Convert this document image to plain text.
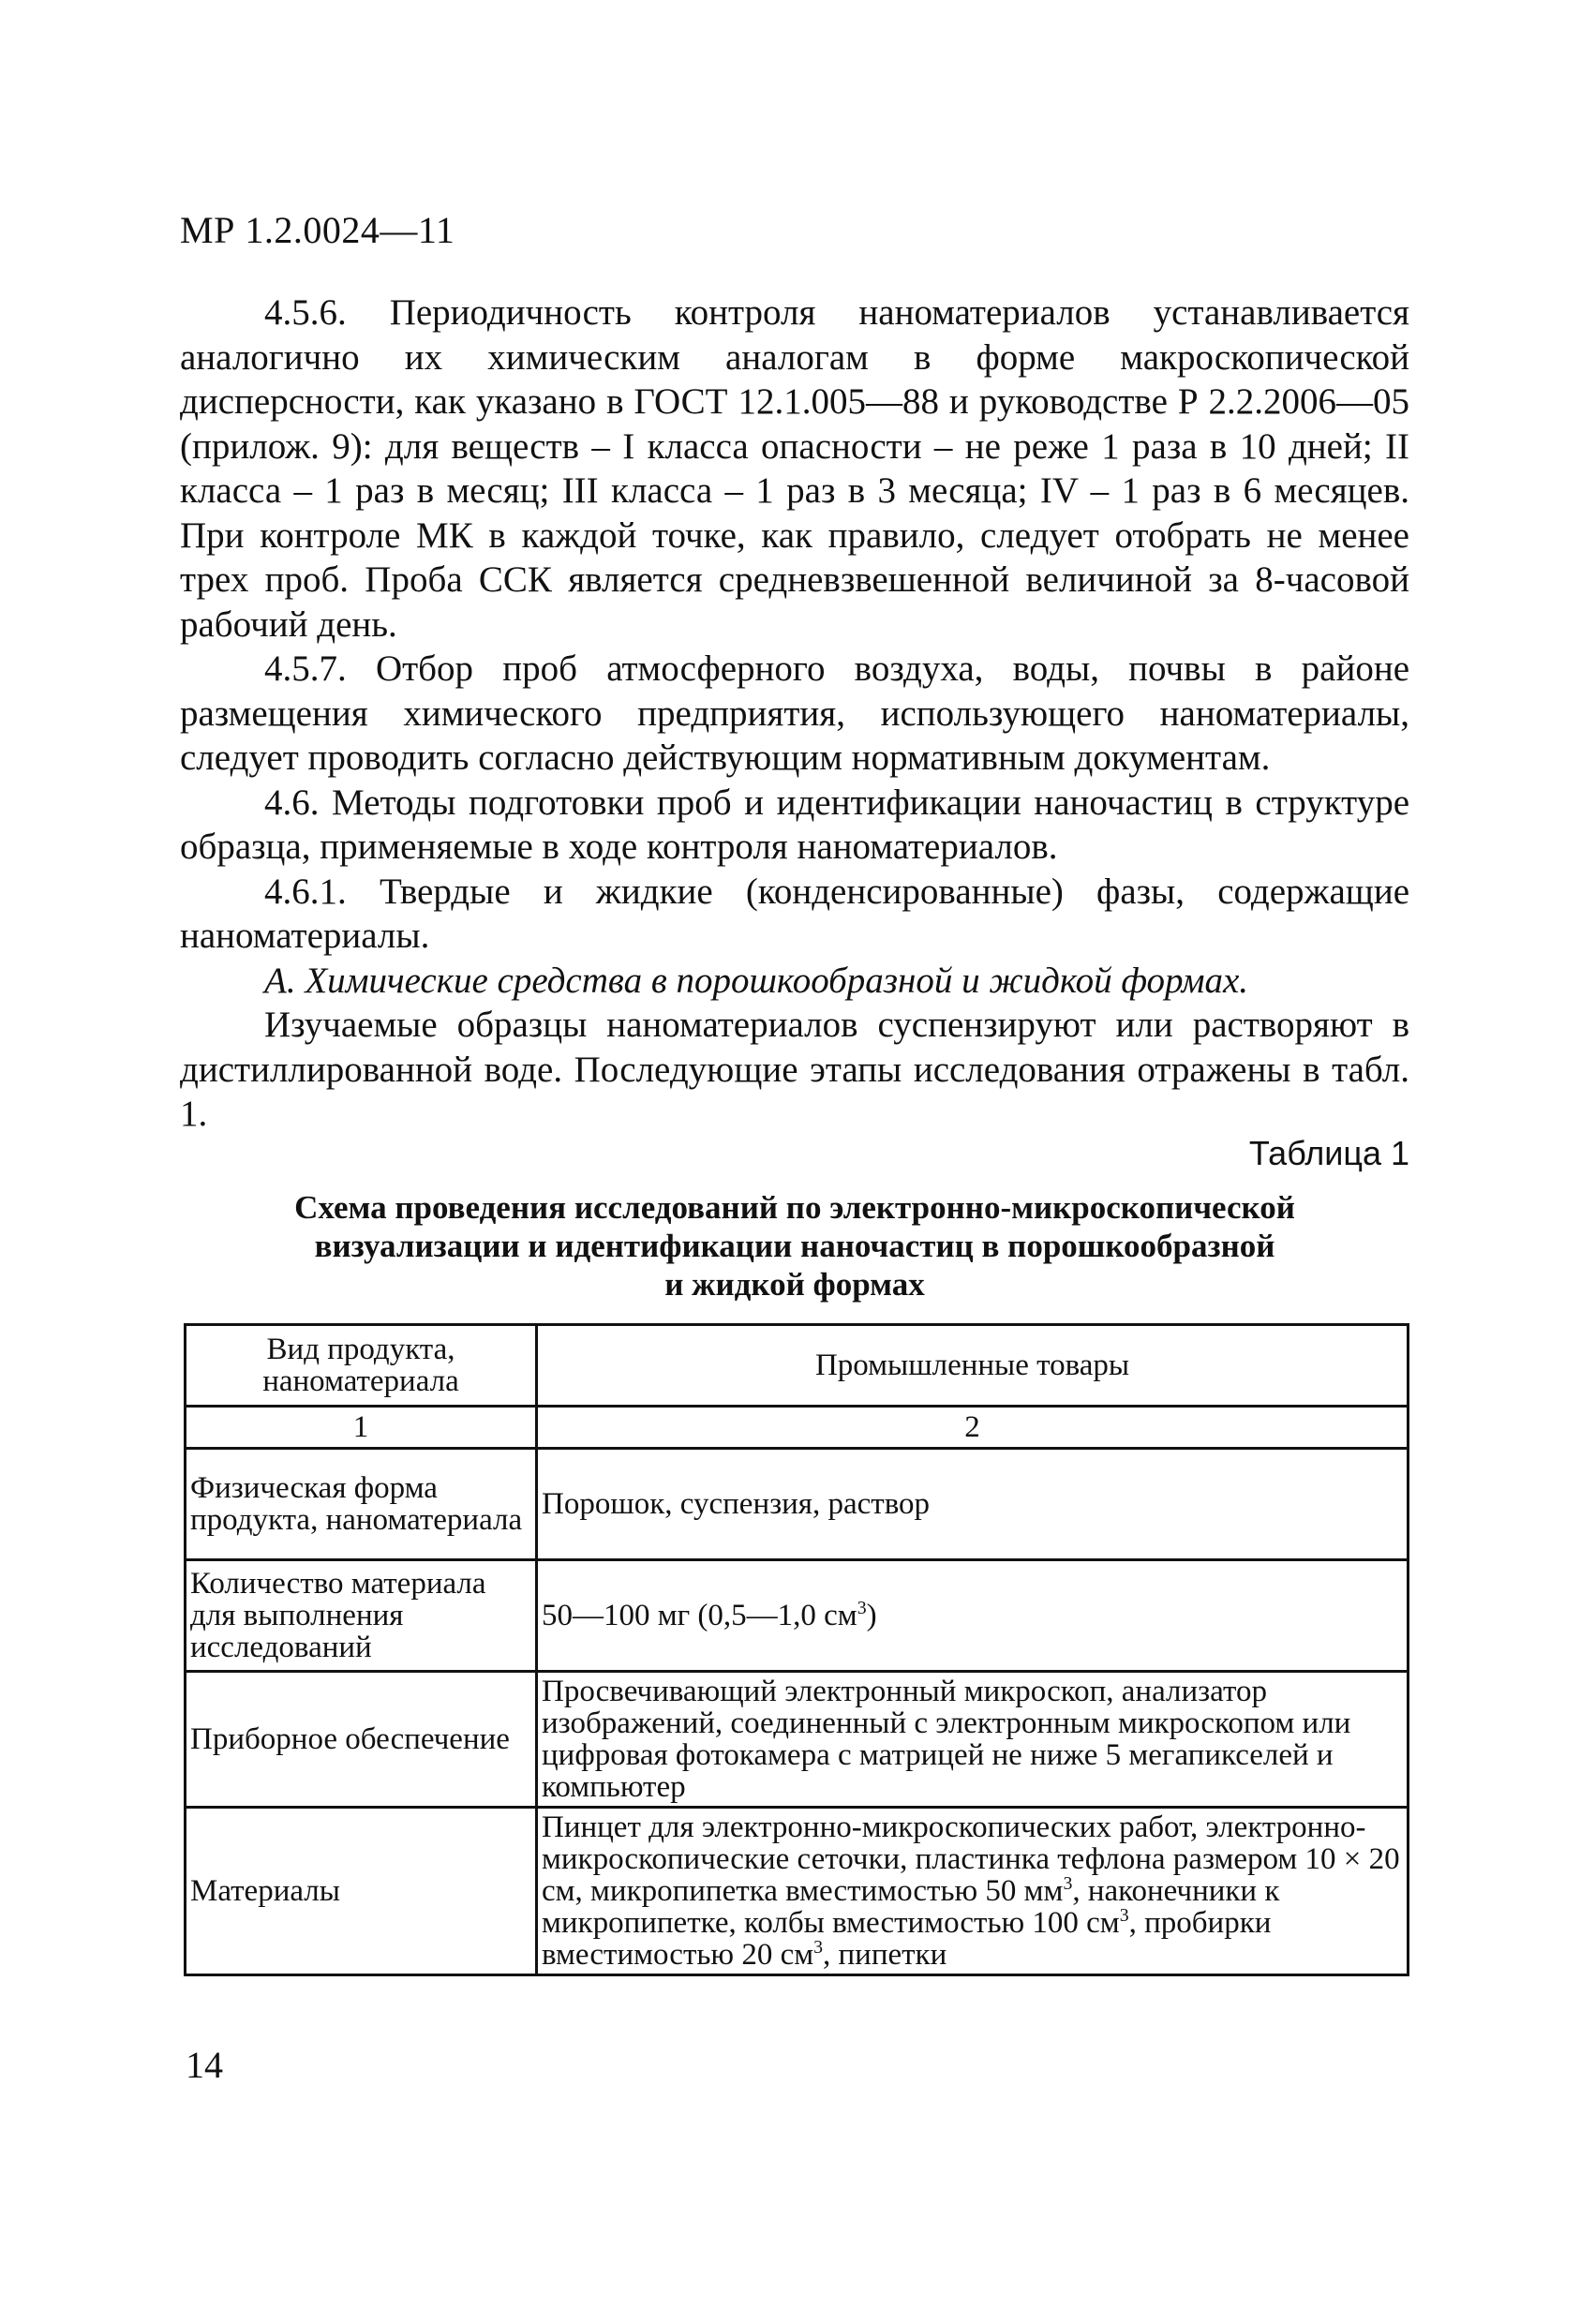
МР 1.2.0024—11

4.5.6. Периодичность контроля наноматериалов устанавливается аналогично их химическим аналогам в форме макроскопической дисперсности, как указано в ГОСТ 12.1.005—88 и руководстве Р 2.2.2006—05 (прилож. 9): для веществ – I класса опасности – не реже 1 раза в 10 дней; II класса – 1 раз в месяц; III класса – 1 раз в 3 месяца; IV – 1 раз в 6 месяцев. При контроле МК в каждой точке, как правило, следует отобрать не менее трех проб. Проба ССК является средневзвешенной величиной за 8-часовой рабочий день.

4.5.7. Отбор проб атмосферного воздуха, воды, почвы в районе размещения химического предприятия, использующего наноматериалы, следует проводить согласно действующим нормативным документам.

4.6. Методы подготовки проб и идентификации наночастиц в структуре образца, применяемые в ходе контроля наноматериалов.

4.6.1. Твердые и жидкие (конденсированные) фазы, содержащие наноматериалы.

А. Химические средства в порошкообразной и жидкой формах.

Изучаемые образцы наноматериалов суспензируют или растворяют в дистиллированной воде. Последующие этапы исследования отражены в табл. 1.

Таблица 1
Схема проведения исследований по электронно-микроскопической
визуализации и идентификации наночастиц в порошкообразной
и жидкой формах
Вид продукта, наноматериала	Промышленные товары
1	2
Физическая форма продукта, наноматериала	Порошок, суспензия, раствор
Количество материала для выполнения исследований	50—100 мг (0,5—1,0 $см^3$)
Приборное обеспечение	Просвечивающий электронный микроскоп, анализатор изображений, соединенный с электронным микроскопом или цифровая фотокамера с матрицей не ниже 5 мегапикселей и компьютер
Материалы	Пинцет для электронно-микроскопических работ, электронно-микроскопические сеточки, пластинка тефлона размером 10 × 20 см, микропипетка вместимостью 50 $мм^3$, наконечники к микропипетке, колбы вместимостью 100 $см^3$, пробирки вместимостью 20 $см^3$, пипетки
14
